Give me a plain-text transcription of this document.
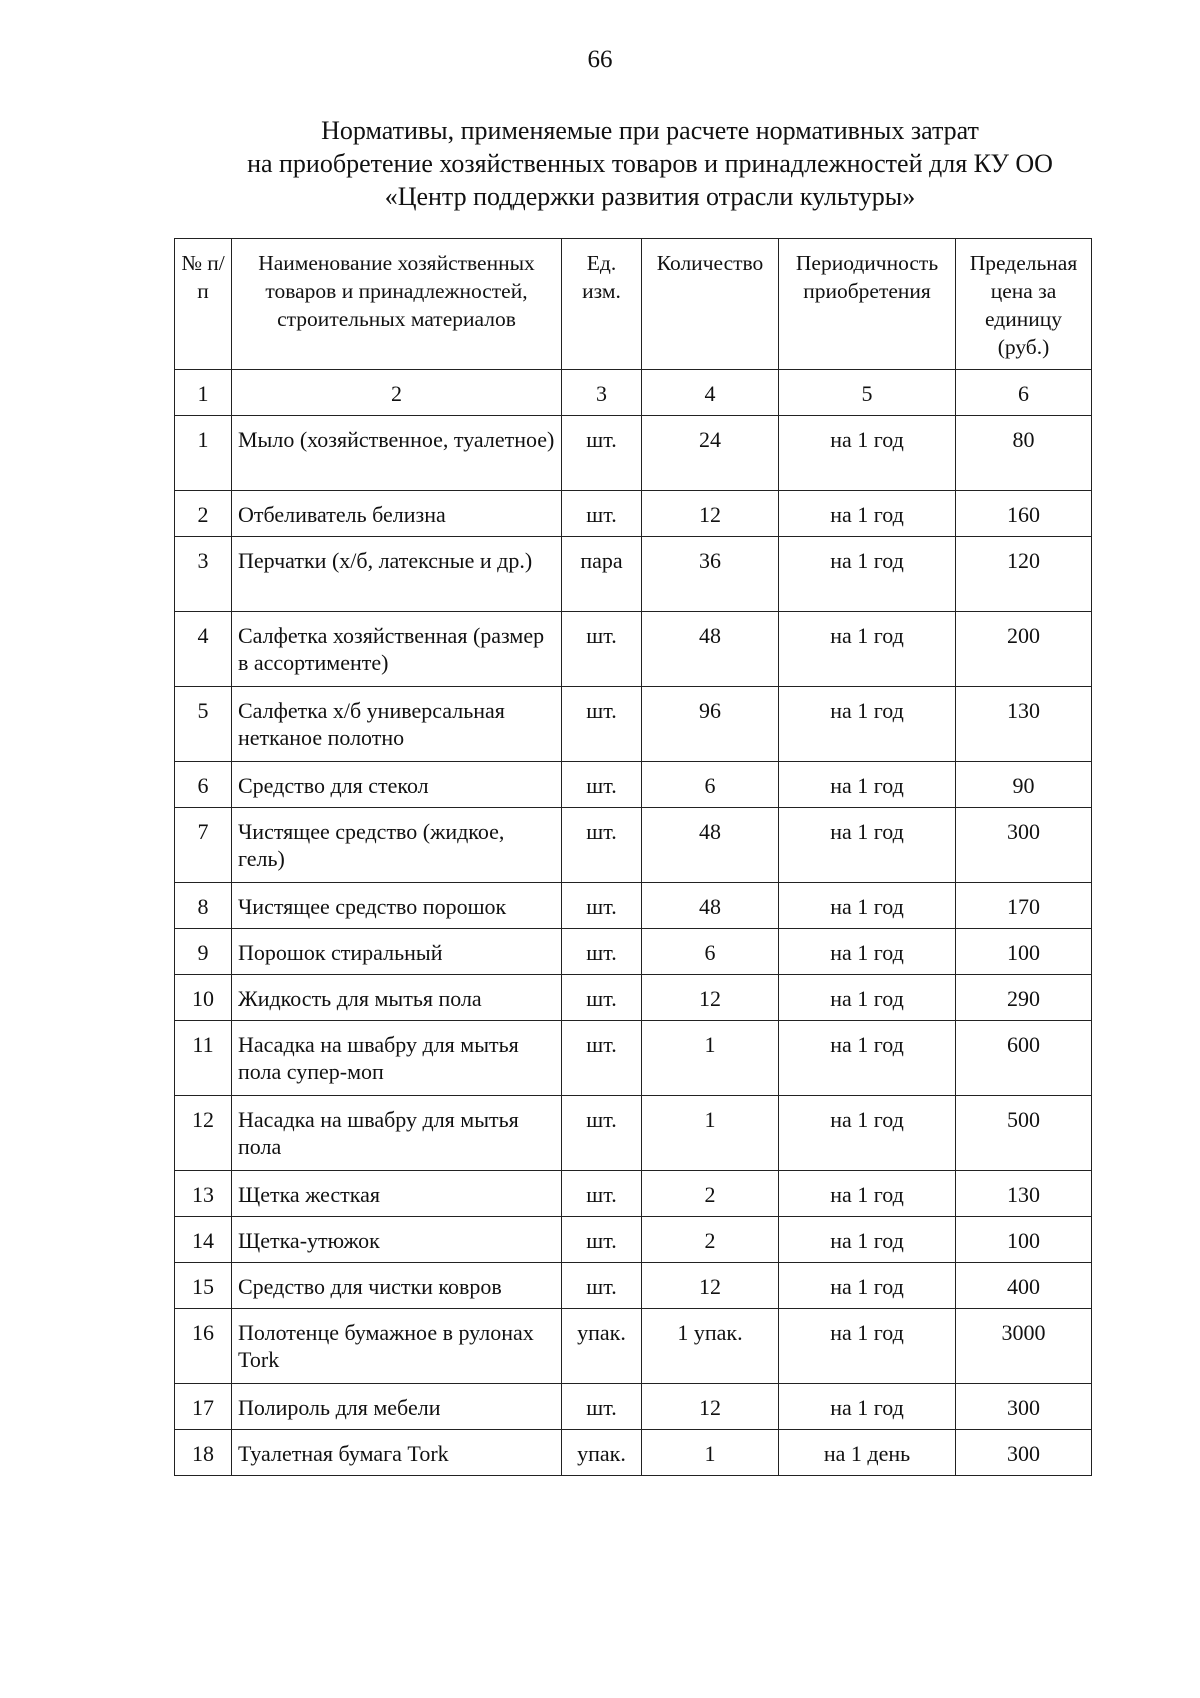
66
Нормативы, применяемые при расчете нормативных затрат
на приобретение хозяйственных товаров и принадлежностей для КУ ОО
«Центр поддержки развития отрасли культуры»
№ п/п	Наименование хозяйственных товаров и принадлежностей, строительных материалов	Ед. изм.	Количество	Периодичность приобретения	Предельная цена за единицу (руб.)
1	2	3	4	5	6
1	Мыло (хозяйственное, туалетное)	шт.	24	на 1 год	80
2	Отбеливатель белизна	шт.	12	на 1 год	160
3	Перчатки (х/б, латексные и др.)	пара	36	на 1 год	120
4	Салфетка хозяйственная (размер в ассортименте)	шт.	48	на 1 год	200
5	Салфетка х/б универсальная нетканое полотно	шт.	96	на 1 год	130
6	Средство для стекол	шт.	6	на 1 год	90
7	Чистящее средство (жидкое, гель)	шт.	48	на 1 год	300
8	Чистящее средство порошок	шт.	48	на 1 год	170
9	Порошок стиральный	шт.	6	на 1 год	100
10	Жидкость для мытья пола	шт.	12	на 1 год	290
11	Насадка на швабру для мытья пола супер-моп	шт.	1	на 1 год	600
12	Насадка на швабру для мытья пола	шт.	1	на 1 год	500
13	Щетка жесткая	шт.	2	на 1 год	130
14	Щетка-утюжок	шт.	2	на 1 год	100
15	Средство для чистки ковров	шт.	12	на 1 год	400
16	Полотенце бумажное в рулонах Tork	упак.	1 упак.	на 1 год	3000
17	Полироль для мебели	шт.	12	на 1 год	300
18	Туалетная бумага Tork	упак.	1	на 1 день	300
